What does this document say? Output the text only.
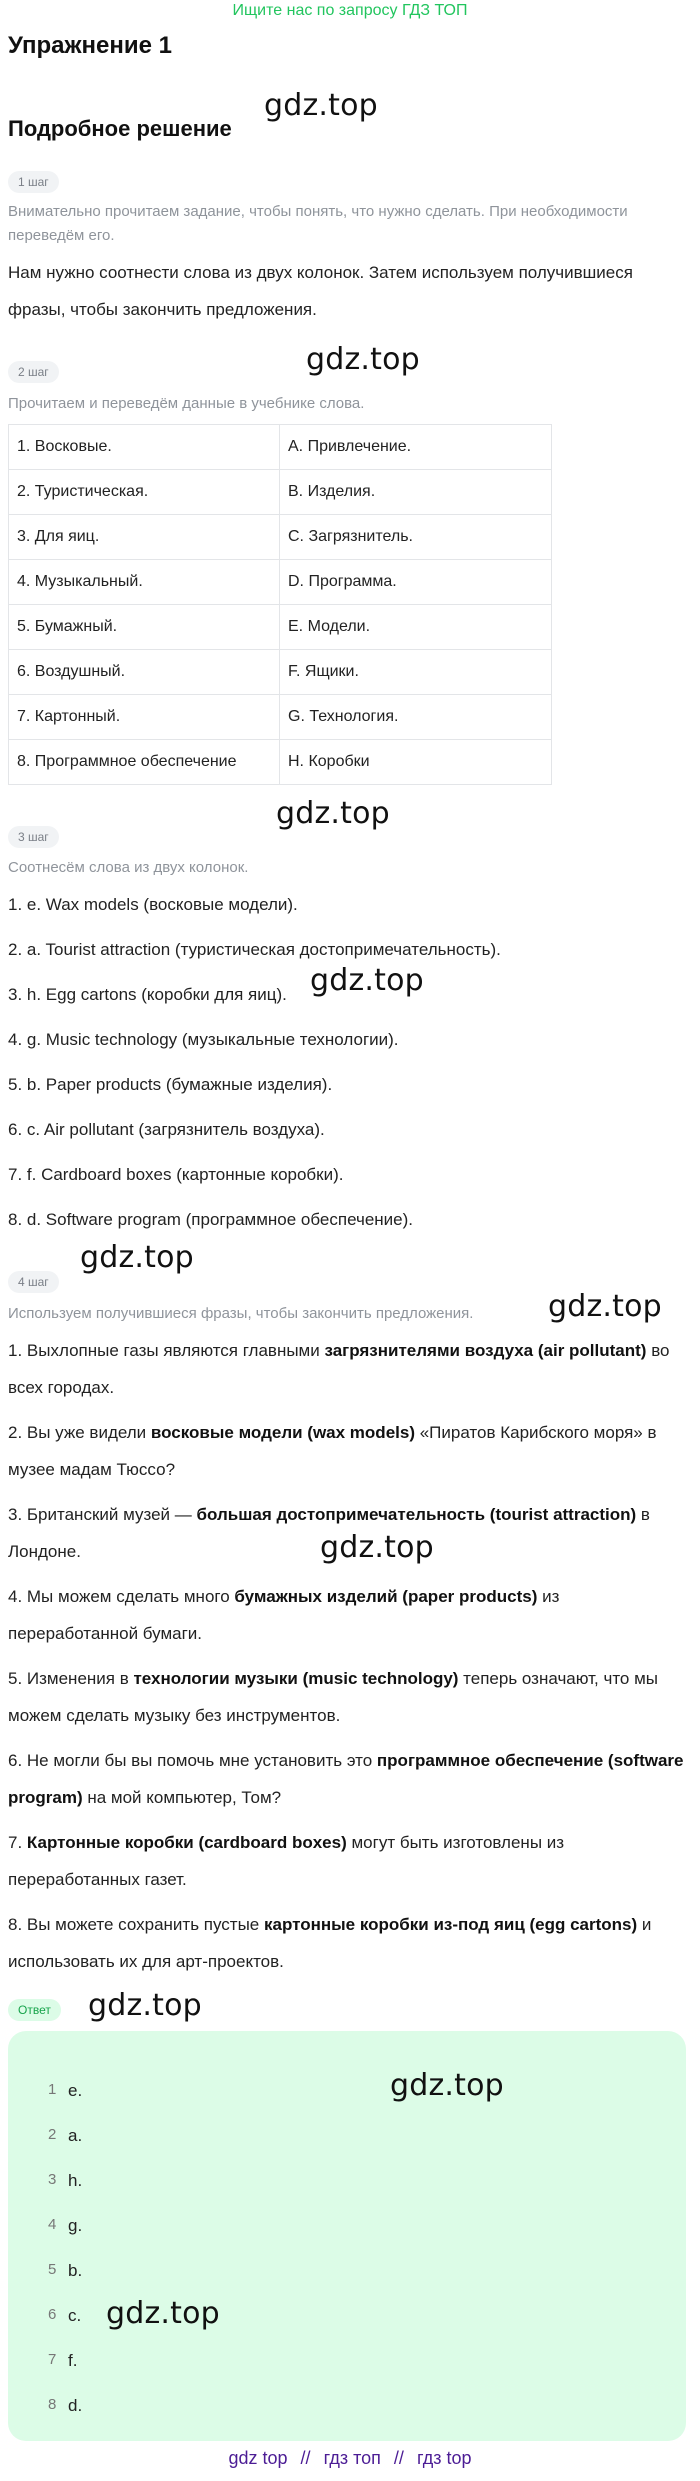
Ищите нас по запросу ГДЗ ТОП
Упражнение 1
gdz.top
Подробное решение
1 шаг
Внимательно прочитаем задание, чтобы понять, что нужно сделать. При необходимости переведём его.
Нам нужно соотнести слова из двух колонок. Затем используем получившиеся фразы, чтобы закончить предложения.
gdz.top
2 шаг
Прочитаем и переведём данные в учебнике слова.
1. Восковые.	A. Привлечение.
2. Туристическая.	B. Изделия.
3. Для яиц.	C. Загрязнитель.
4. Музыкальный.	D. Программа.
5. Бумажный.	E. Модели.
6. Воздушный.	F. Ящики.
7. Картонный.	G. Технология.
8. Программное обеспечение	H. Коробки
gdz.top
3 шаг
Соотнесём слова из двух колонок.
1. e. Wax models (восковые модели).
2. a. Tourist attraction (туристическая достопримечательность).
3. h. Egg cartons (коробки для яиц). gdz.top
4. g. Music technology (музыкальные технологии).
5. b. Paper products (бумажные изделия).
6. c. Air pollutant (загрязнитель воздуха).
7. f. Cardboard boxes (картонные коробки).
8. d. Software program (программное обеспечение).
gdz.top
4 шаг
Используем получившиеся фразы, чтобы закончить предложения. gdz.top
1. Выхлопные газы являются главными загрязнителями воздуха (air pollutant) во всех городах.
2. Вы уже видели восковые модели (wax models) «Пиратов Карибского моря» в музее мадам Тюссо?
3. Британский музей — большая достопримечательность (tourist attraction) в Лондоне.	gdz.top
4. Мы можем сделать много бумажных изделий (paper products) из переработанной бумаги.
5. Изменения в технологии музыки (music technology) теперь означают, что мы можем сделать музыку без инструментов.
6. Не могли бы вы помочь мне установить это программное обеспечение (software program) на мой компьютер, Том?
7. Картонные коробки (cardboard boxes) могут быть изготовлены из переработанных газет.
8. Вы можете сохранить пустые картонные коробки из-под яиц (egg cartons) и использовать их для арт-проектов.
Ответ	gdz.top
1 e.
2 a.
3 h.
4 g.
5 b.
6 c.
7 f.
8 d.
gdz.top
gdz.top
gdz top // гдз топ // гдз top
